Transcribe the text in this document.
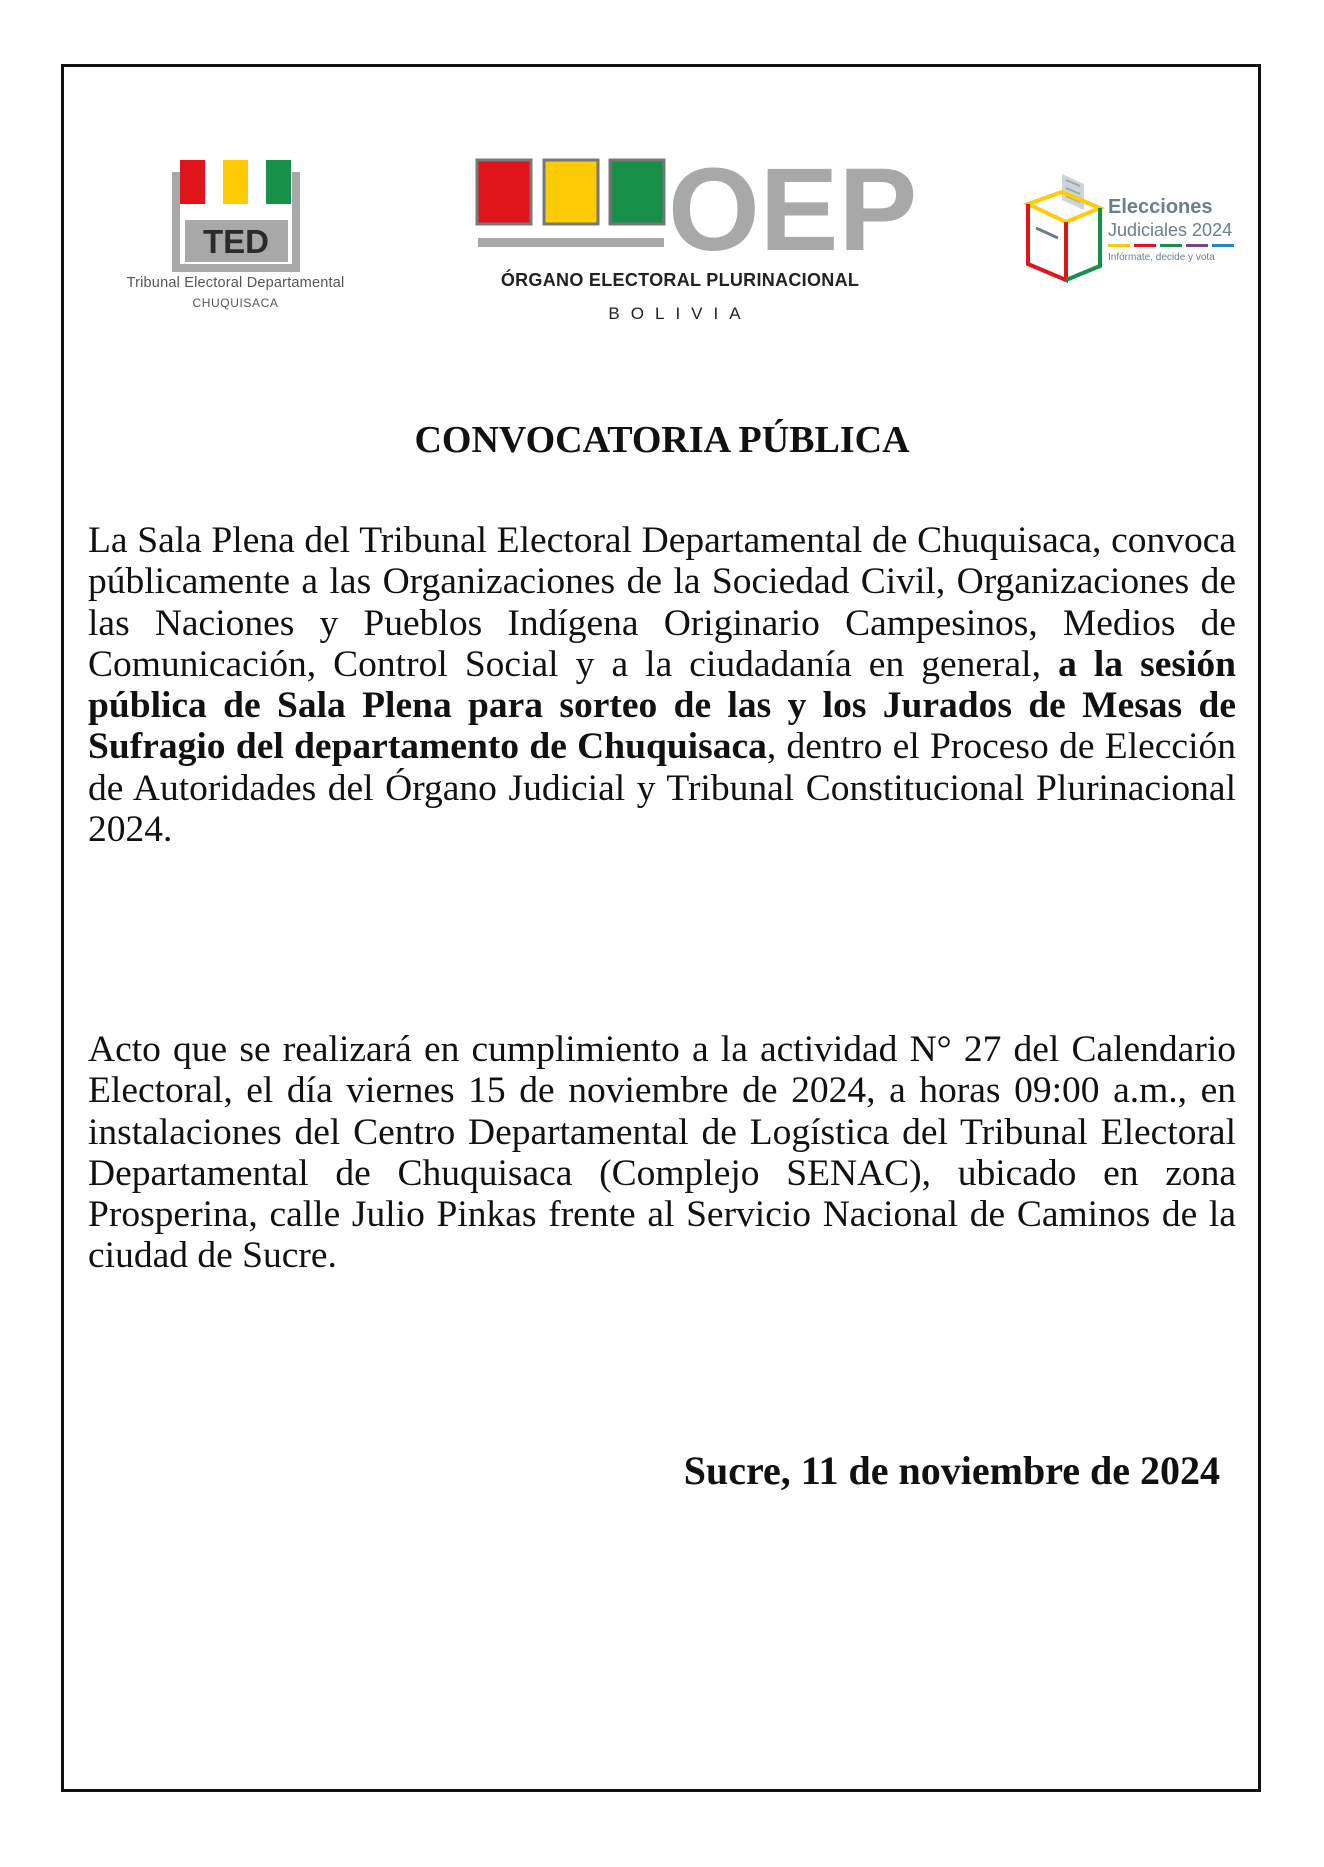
TED
Tribunal Electoral Departamental
CHUQUISACA
OEP
ÓRGANO ELECTORAL PLURINACIONAL
BOLIVIA
Elecciones
Judiciales 2024
Infórmate, decide y vota
CONVOCATORIA PÚBLICA

La Sala Plena del Tribunal Electoral Departamental de Chuquisaca, convoca públicamente a las Organizaciones de la Sociedad Civil, Organizaciones de las Naciones y Pueblos Indígena Originario Campesinos, Medios de Comunicación, Control Social y a la ciudadanía en general, a la sesión pública de Sala Plena para sorteo de las y los Jurados de Mesas de Sufragio del departamento de Chuquisaca, dentro el Proceso de Elección de Autoridades del Órgano Judicial y Tribunal Constitucional Plurinacional 2024.

Acto que se realizará en cumplimiento a la actividad N° 27 del Calendario Electoral, el día viernes 15 de noviembre de 2024, a horas 09:00 a.m., en instalaciones del Centro Departamental de Logística del Tribunal Electoral Departamental de Chuquisaca (Complejo SENAC), ubicado en zona Prosperina, calle Julio Pinkas frente al Servicio Nacional de Caminos de la ciudad de Sucre.

Sucre, 11 de noviembre de 2024
